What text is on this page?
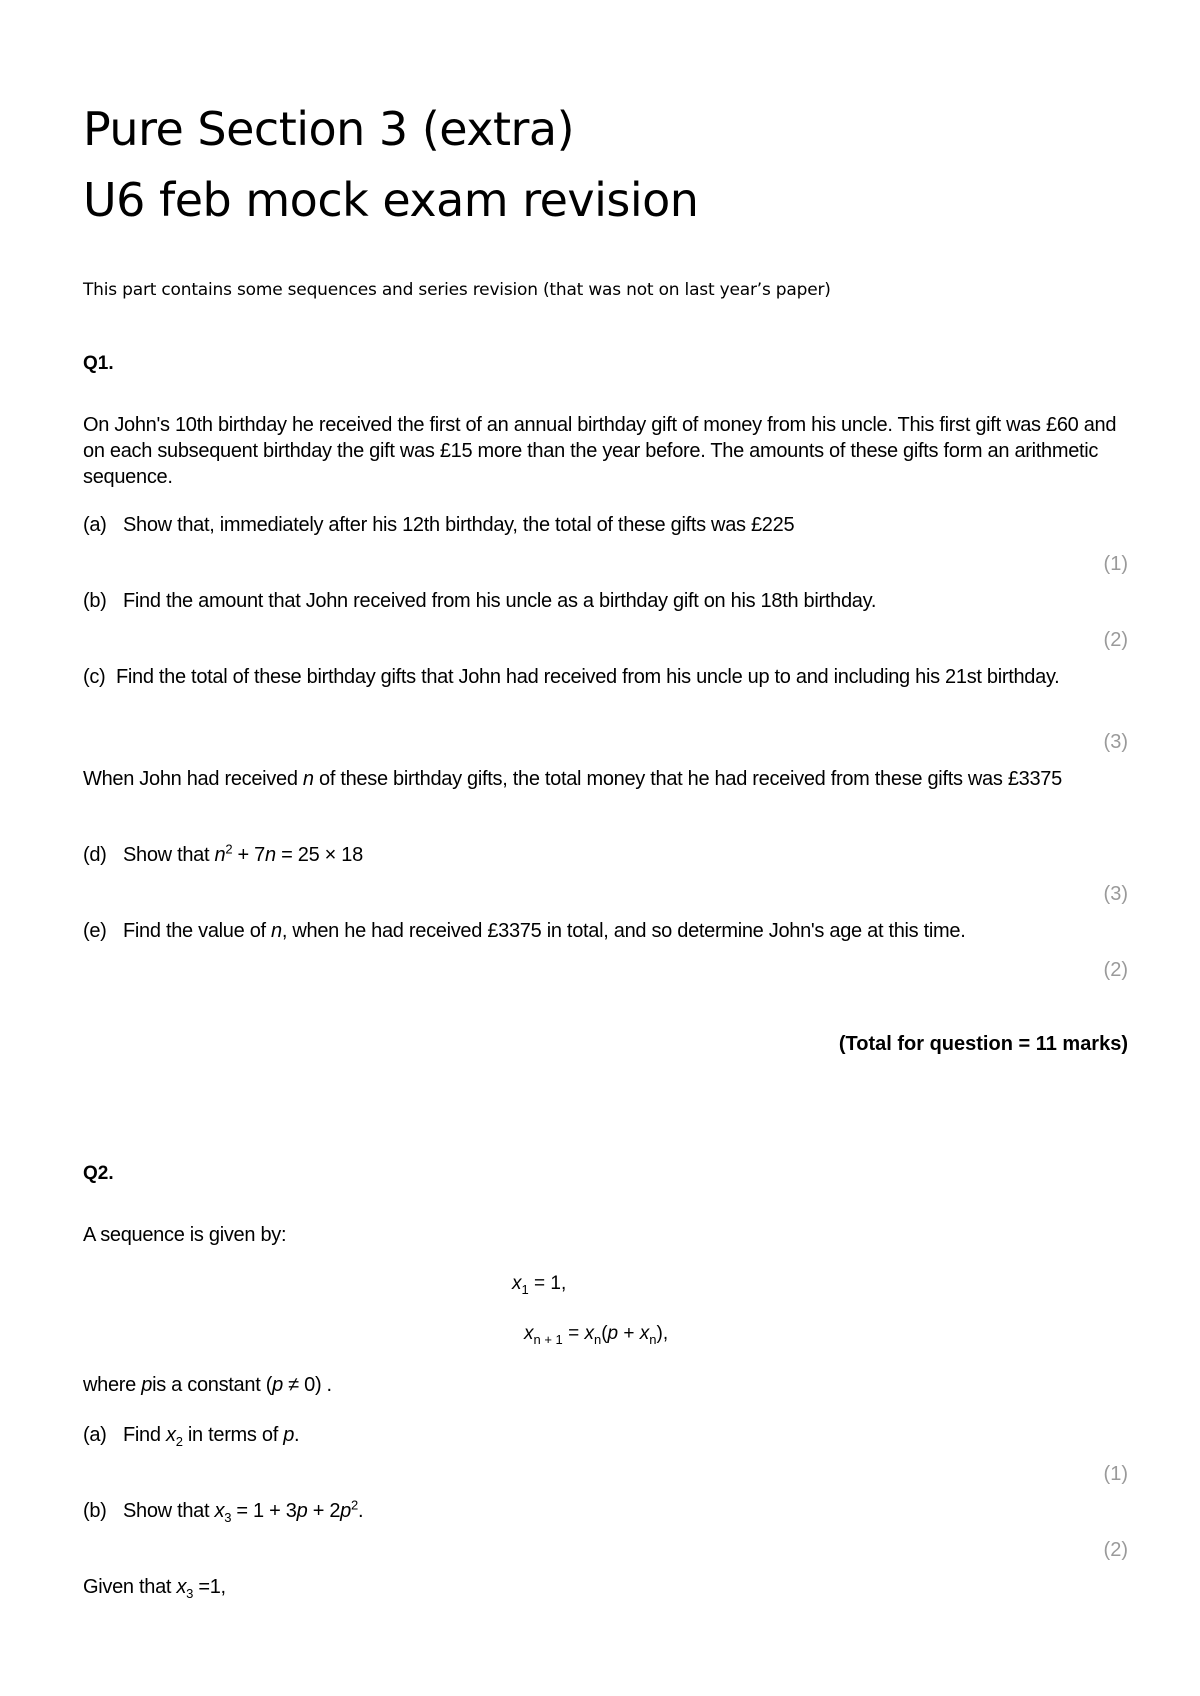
Pure Section 3 (extra)
U6 feb mock exam revision

This part contains some sequences and series revision (that was not on last year’s paper)

Q1.

On John's 10th birthday he received the first of an annual birthday gift of money from his uncle. This first gift was £60 and on each subsequent birthday the gift was £15 more than the year before. The amounts of these gifts form an arithmetic sequence.

(a) Show that, immediately after his 12th birthday, the total of these gifts was £225

(1)

(b) Find the amount that John received from his uncle as a birthday gift on his 18th birthday.

(2)

(c) Find the total of these birthday gifts that John had received from his uncle up to and including his 21st birthday.

(3)

When John had received n of these birthday gifts, the total money that he had received from these gifts was £3375

(d) Show that $n^2 + 7n = 25 \times 18$

(3)

(e) Find the value of n, when he had received £3375 in total, and so determine John's age at this time.

(2)

(Total for question = 11 marks)

Q2.

A sequence is given by:

$x_1 = 1$,

$x_{n + 1} = x_n(p + x_n)$,

where pis a constant (p ≠ 0) .

(a) Find $x_2$ in terms of p.

(1)

(b) Show that $x_3 = 1 + 3p + 2p^2$.

(2)

Given that $x_3 =1$,
